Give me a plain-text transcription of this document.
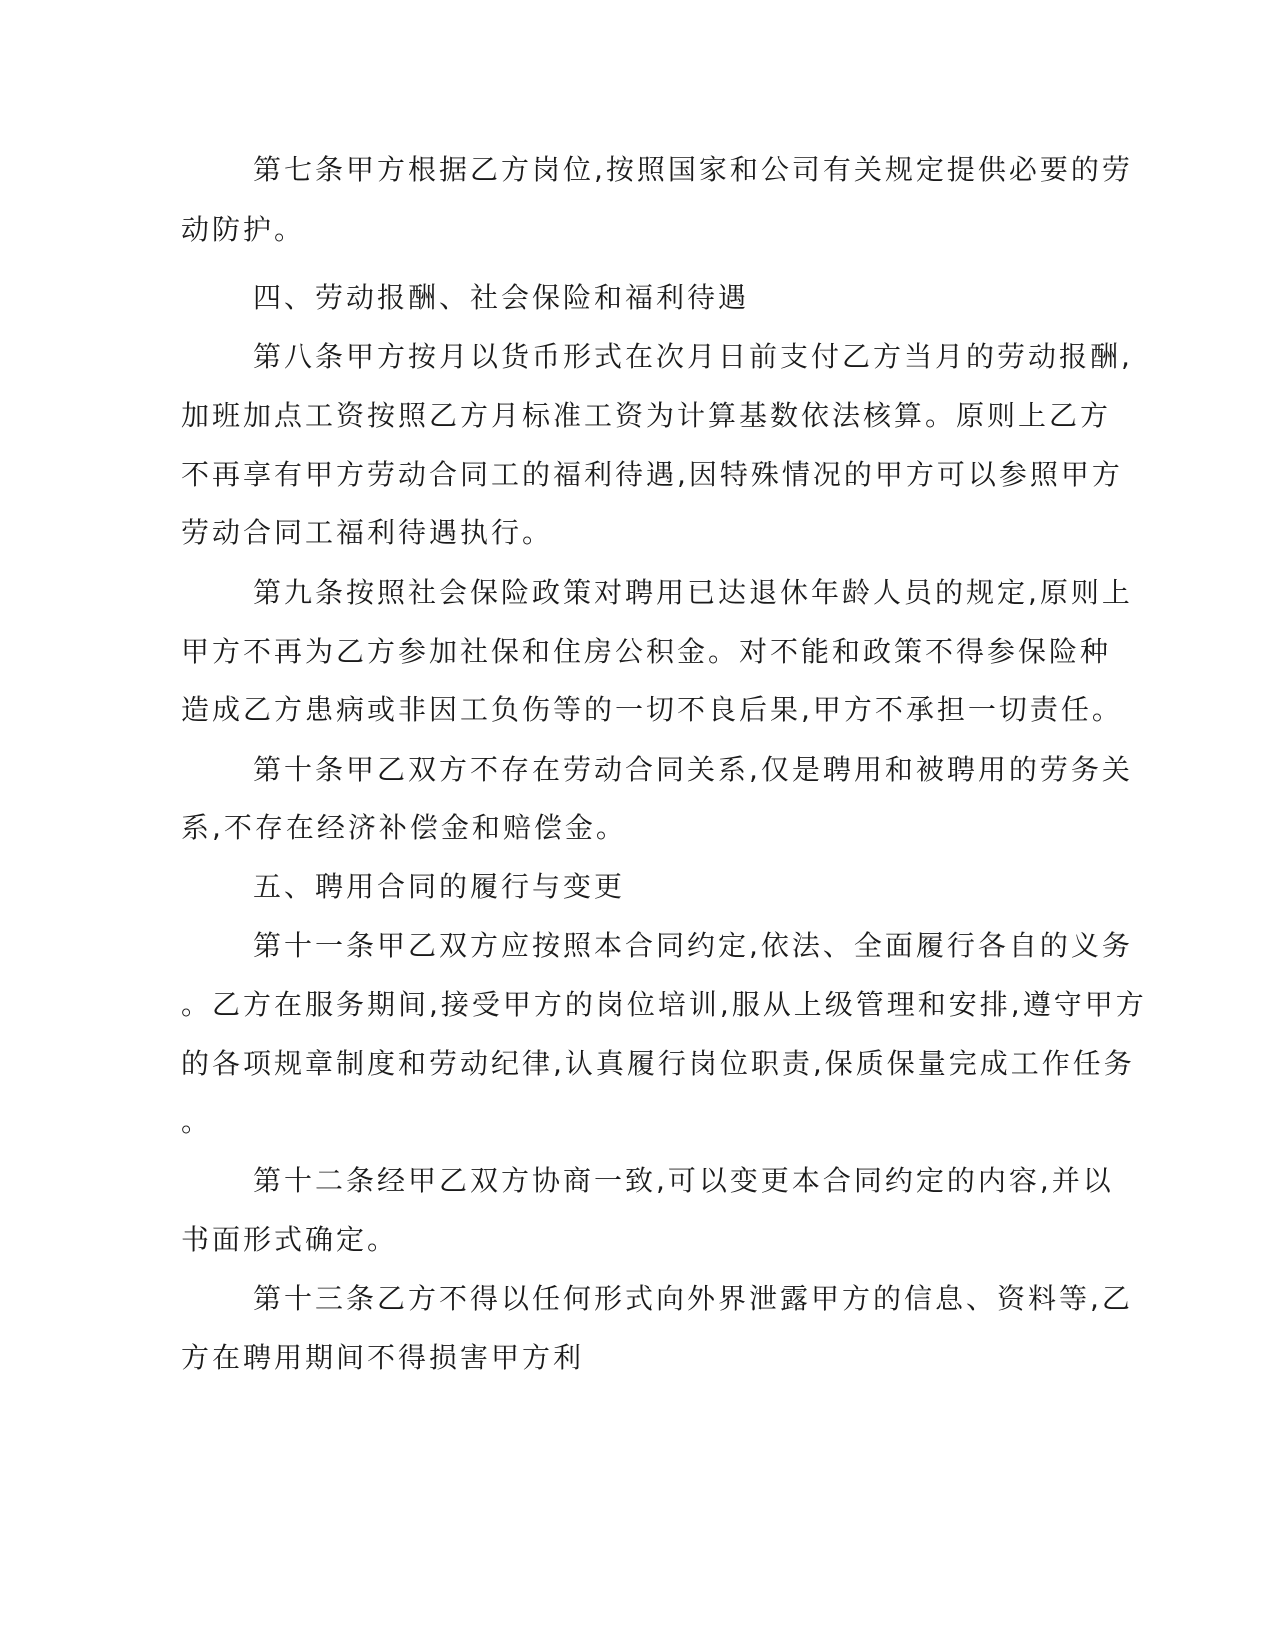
第七条甲方根据乙方岗位,按照国家和公司有关规定提供必要的劳
动防护。
四、劳动报酬、社会保险和福利待遇
第八条甲方按月以货币形式在次月日前支付乙方当月的劳动报酬,
加班加点工资按照乙方月标准工资为计算基数依法核算。原则上乙方
不再享有甲方劳动合同工的福利待遇,因特殊情况的甲方可以参照甲方
劳动合同工福利待遇执行。
第九条按照社会保险政策对聘用已达退休年龄人员的规定,原则上
甲方不再为乙方参加社保和住房公积金。对不能和政策不得参保险种
造成乙方患病或非因工负伤等的一切不良后果,甲方不承担一切责任。
第十条甲乙双方不存在劳动合同关系,仅是聘用和被聘用的劳务关
系,不存在经济补偿金和赔偿金。
五、聘用合同的履行与变更
第十一条甲乙双方应按照本合同约定,依法、全面履行各自的义务
。乙方在服务期间,接受甲方的岗位培训,服从上级管理和安排,遵守甲方
的各项规章制度和劳动纪律,认真履行岗位职责,保质保量完成工作任务
。
第十二条经甲乙双方协商一致,可以变更本合同约定的内容,并以
书面形式确定。
第十三条乙方不得以任何形式向外界泄露甲方的信息、资料等,乙
方在聘用期间不得损害甲方利
